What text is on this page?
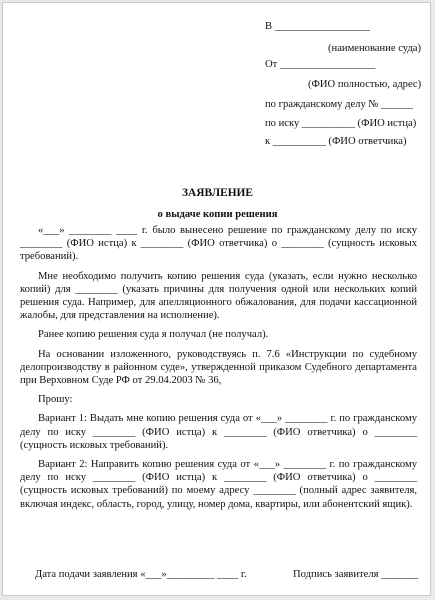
В __________________
(наименование суда)
От __________________
(ФИО полностью, адрес)
по гражданскому делу № ______
по иску __________ (ФИО истца)
к __________ (ФИО ответчика)
ЗАЯВЛЕНИЕ
о выдаче копии решения

«___» ________ ____ г. было вынесено решение по гражданскому делу по иску ________ (ФИО истца) к ________ (ФИО ответчика) о ________ (сущность исковых требований).

Мне необходимо получить копию решения суда (указать, если нужно несколько копий) для ________ (указать причины для получения одной или нескольких копий решения суда. Например, для апелляционного обжалования, для подачи кассационной жалобы, для представления на исполнение).

Ранее копию решения суда я получал (не получал).

На основании изложенного, руководствуясь п. 7.6 «Инструкции по судебному делопроизводству в районном суде», утвержденной приказом Судебного департамента при Верховном Суде РФ от 29.04.2003 № 36,

Прошу:

Вариант 1: Выдать мне копию решения суда от «___» ________ г. по гражданскому делу по иску ________ (ФИО истца) к ________ (ФИО ответчика) о ________ (сущность исковых требований).

Вариант 2: Направить копию решения суда от «___» ________ г. по гражданскому делу по иску ________ (ФИО истца) к ________ (ФИО ответчика) о ________ (сущность исковых требований) по моему адресу ________ (полный адрес заявителя, включая индекс, область, город, улицу, номер дома, квартиры, или абонентский ящик).

Дата подачи заявления «___»_________ ____ г.	Подпись заявителя _______
